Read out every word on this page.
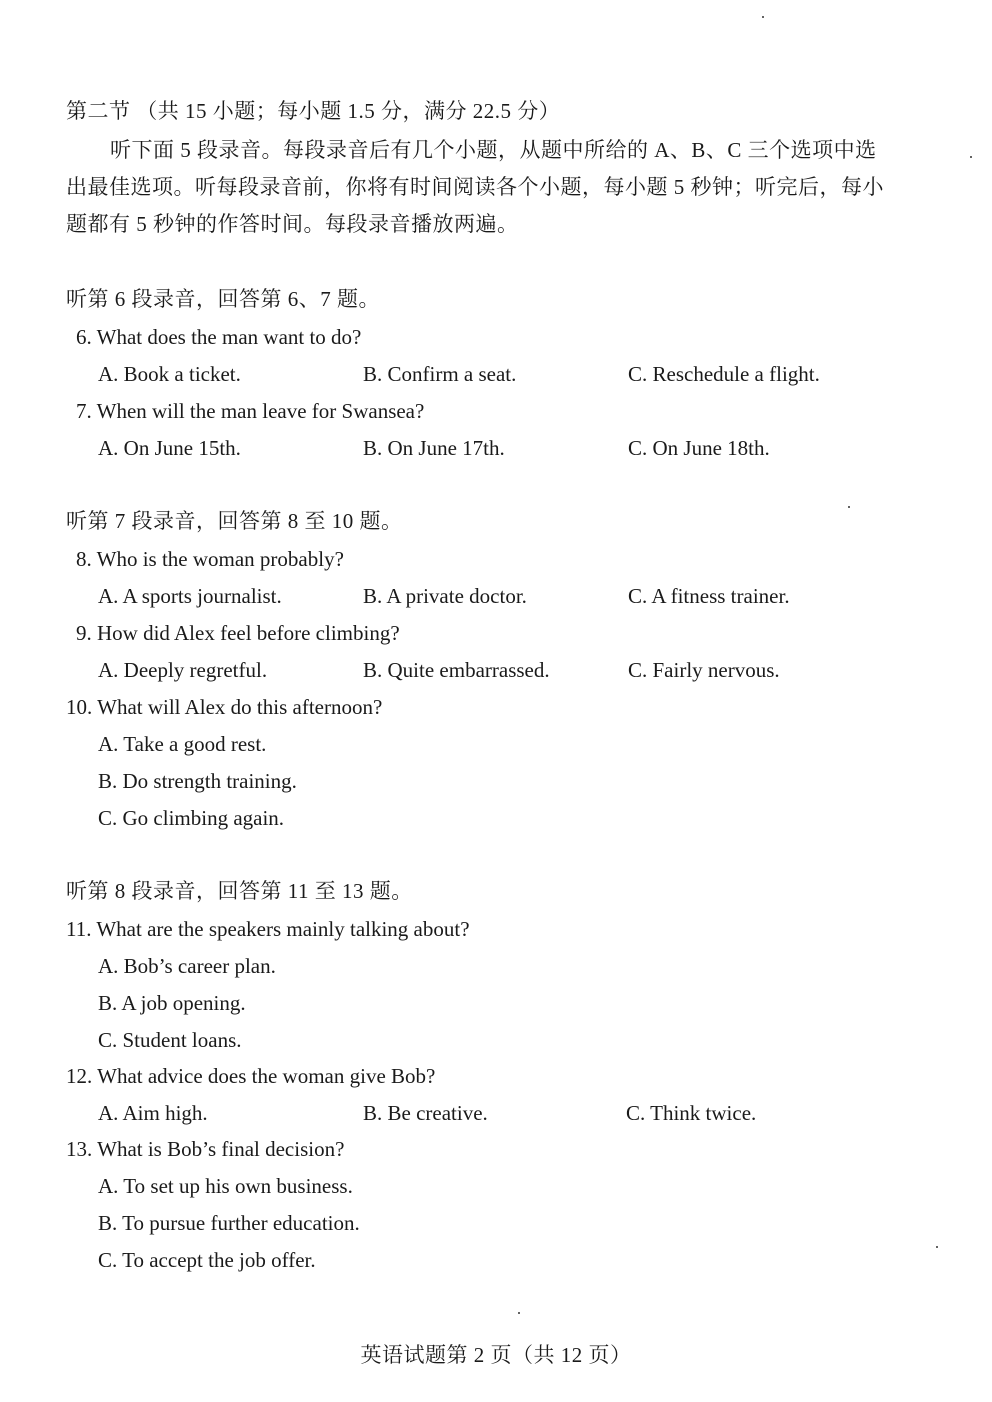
第二节 （共 15 小题；每小题 1.5 分，满分 22.5 分）
听下面 5 段录音。每段录音后有几个小题，从题中所给的 A、B、C 三个选项中选
出最佳选项。听每段录音前，你将有时间阅读各个小题，每小题 5 秒钟；听完后，每小
题都有 5 秒钟的作答时间。每段录音播放两遍。
听第 6 段录音，回答第 6、7 题。
6. What does the man want to do?
A. Book a ticket.	B. Confirm a seat.	C. Reschedule a flight.
7. When will the man leave for Swansea?
A. On June 15th.	B. On June 17th.	C. On June 18th.
听第 7 段录音，回答第 8 至 10 题。
8. Who is the woman probably?
A. A sports journalist.	B. A private doctor.	C. A fitness trainer.
9. How did Alex feel before climbing?
A. Deeply regretful.	B. Quite embarrassed.	C. Fairly nervous.
10. What will Alex do this afternoon?
A. Take a good rest.
B. Do strength training.
C. Go climbing again.
听第 8 段录音，回答第 11 至 13 题。
11. What are the speakers mainly talking about?
A. Bob’s career plan.
B. A job opening.
C. Student loans.
12. What advice does the woman give Bob?
A. Aim high.	B. Be creative.	C. Think twice.
13. What is Bob’s final decision?
A. To set up his own business.
B. To pursue further education.
C. To accept the job offer.
英语试题第 2 页（共 12 页）
